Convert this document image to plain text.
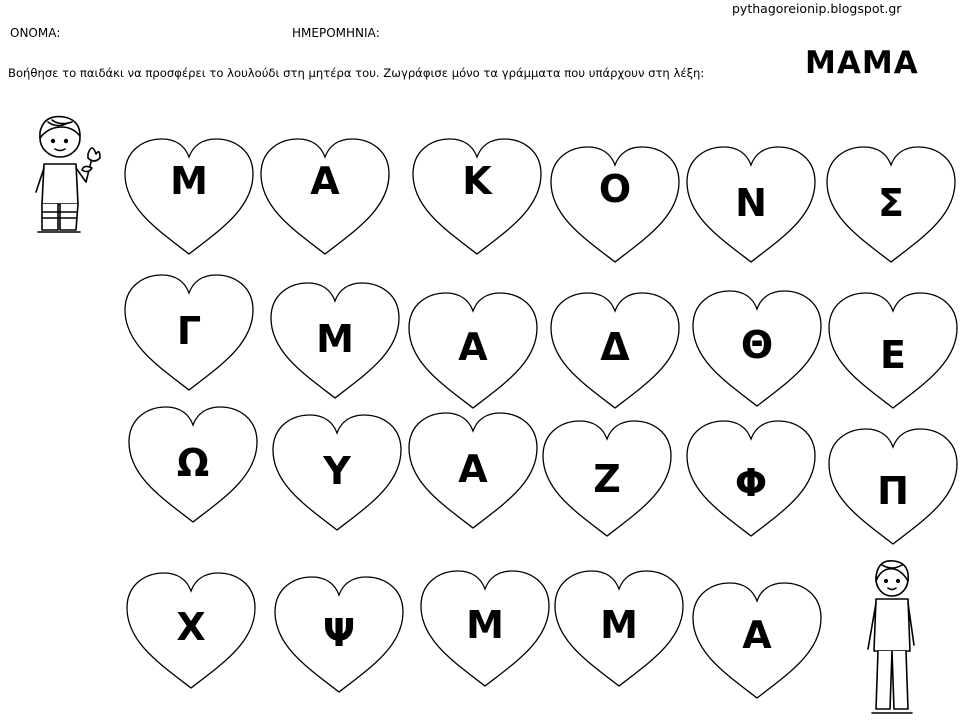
pythagoreionip.blogspot.gr
ΟΝΟΜΑ:	ΗΜΕΡΟΜΗΝΙΑ:
Βοήθησε το παιδάκι να προσφέρει το λουλούδι στη μητέρα του. Ζωγράφισε μόνο τα γράμματα που υπάρχουν στη λέξη:	ΜΑΜΑ
Μ	Α	Κ	Ο	Ν	Σ
Γ	Μ	Α	Δ	Θ	Ε
Ω	Υ	Α	Ζ	Φ	Π
Χ	Ψ	Μ	Μ	Α
